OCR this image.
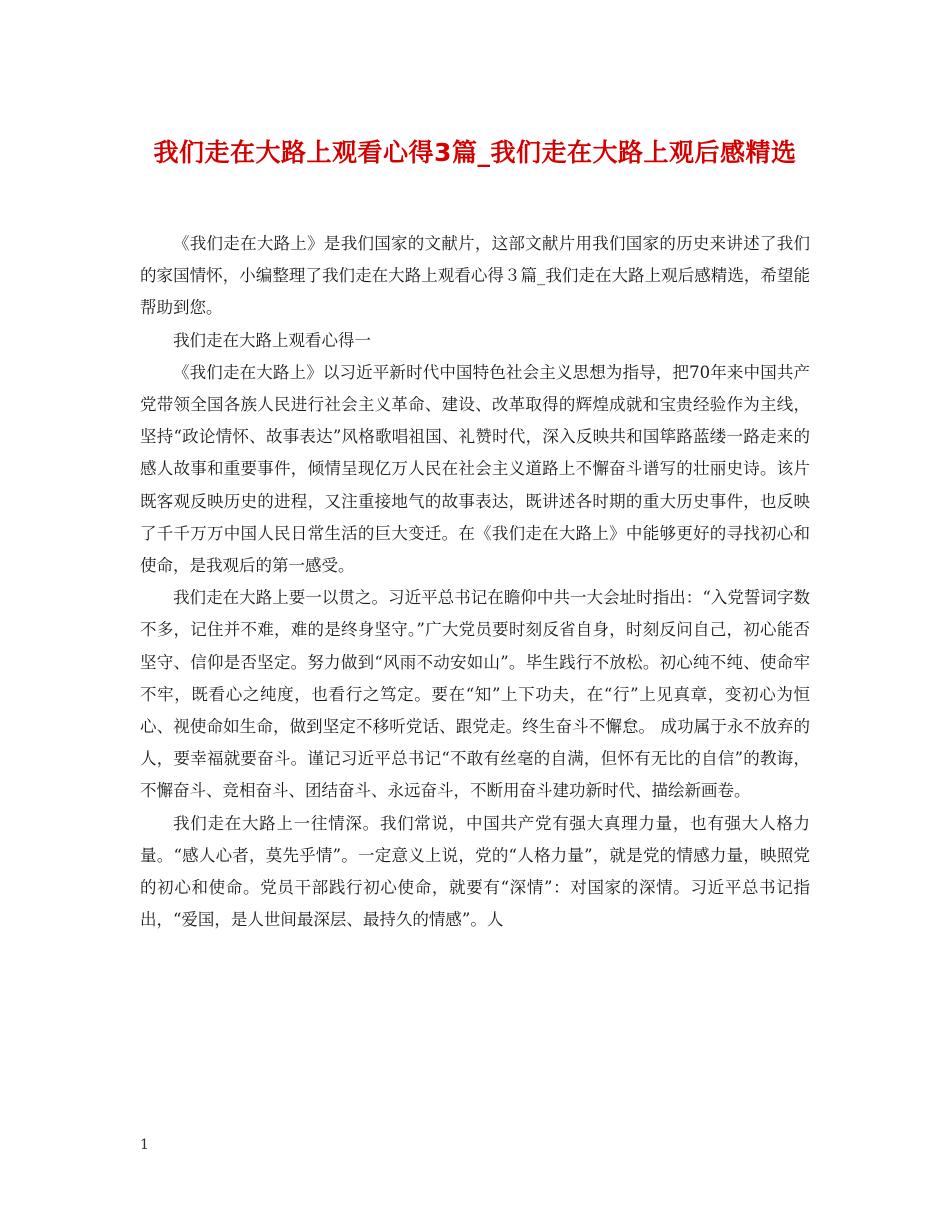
我们走在大路上观看心得3篇_我们走在大路上观后感精选

《我们走在大路上》是我们国家的文献片，这部文献片用我们国家的历史来讲述了我们的家国情怀，小编整理了我们走在大路上观看心得３篇_我们走在大路上观后感精选，希望能帮助到您。

我们走在大路上观看心得一

《我们走在大路上》以习近平新时代中国特色社会主义思想为指导，把70年来中国共产党带领全国各族人民进行社会主义革命、建设、改革取得的辉煌成就和宝贵经验作为主线，坚持“政论情怀、故事表达”风格歌唱祖国、礼赞时代，深入反映共和国筚路蓝缕一路走来的感人故事和重要事件，倾情呈现亿万人民在社会主义道路上不懈奋斗谱写的壮丽史诗。该片既客观反映历史的进程，又注重接地气的故事表达，既讲述各时期的重大历史事件，也反映了千千万万中国人民日常生活的巨大变迁。在《我们走在大路上》中能够更好的寻找初心和使命，是我观后的第一感受。

我们走在大路上要一以贯之。习近平总书记在瞻仰中共一大会址时指出：“入党誓词字数不多，记住并不难，难的是终身坚守。”广大党员要时刻反省自身，时刻反问自己，初心能否坚守、信仰是否坚定。努力做到“风雨不动安如山”。毕生践行不放松。初心纯不纯、使命牢不牢，既看心之纯度，也看行之笃定。要在“知”上下功夫，在“行”上见真章，变初心为恒心、视使命如生命，做到坚定不移听党话、跟党走。终生奋斗不懈怠。 成功属于永不放弃的人，要幸福就要奋斗。谨记习近平总书记“不敢有丝毫的自满，但怀有无比的自信”的教诲，不懈奋斗、竞相奋斗、团结奋斗、永远奋斗，不断用奋斗建功新时代、描绘新画卷。

我们走在大路上一往情深。我们常说，中国共产党有强大真理力量，也有强大人格力量。“感人心者，莫先乎情”。一定意义上说，党的“人格力量”，就是党的情感力量，映照党的初心和使命。党员干部践行初心使命，就要有“深情”：对国家的深情。习近平总书记指出，“爱国，是人世间最深层、最持久的情感”。人

1
